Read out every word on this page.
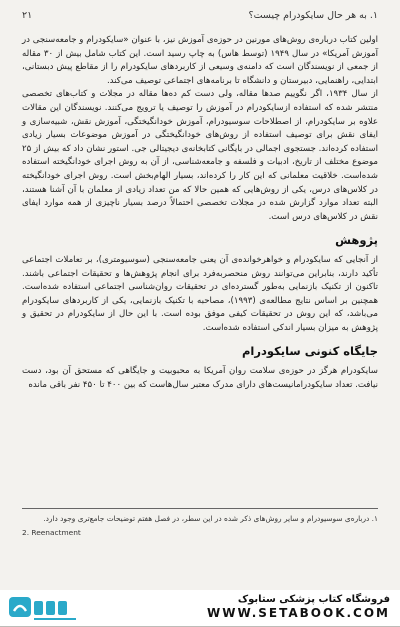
۱. به هر حال سایکودرام چیست؟
۲۱

اولین کتاب درباره‌ی روش‌های مورنین در حوزه‌ی آموزش نیز، با عنوان «سایکودرام و جامعه‌سنجی در آموزش آمریکا» در سال ۱۹۴۹ (توسط هاس) به چاپ رسید است. این کتاب شامل بیش از ۳۰ مقاله از جمعی از نویسندگان است که دامنه‌ی وسیعی از کاربردهای سایکودرام را از مقاطع پیش دبستانی، ابتدایی، راهنمایی، دبیرستان و دانشگاه تا برنامه‌های اجتماعی توصیف می‌کند.

از سال ۱۹۳۴، اگر نگوییم صدها مقاله، ولی دست کم ده‌ها مقاله در مجلات و کتاب‌های تخصصی منتشر شده که استفاده ازسایکودرام در آموزش را توصیف یا ترویج می‌کنند. نویسندگان این مقالات علاوه بر سایکودرام، از اصطلاحات سوسیودرام، آموزش خودانگیختگی، آموزش نقش، شبیه‌سازی و ایفای نقش برای توصیف استفاده از روش‌های خودانگیختگی در آموزش موضوعات بسیار زیادی استفاده کرده‌اند. جستجوی اجمالی در بایگانی کتابخانه‌ی دیجیتالی جی. استور نشان داد که بیش از ۲۵ موضوع مختلف از تاریخ، ادبیات و فلسفه و جامعه‌شناسی، از آن به روش اجرای خودانگیخته استفاده شده‌است. خلاقیت معلمانی که این کار را کرده‌اند، بسیار الهام‌بخش است. روش اجرای خودانگیخته در کلاس‌های درس، یکی از روش‌هایی که همین حالا که من تعداد زیادی از معلمان با آن آشنا هستند، البته تعداد موارد گزارش شده در مجلات تخصصی احتمالاً درصد بسیار ناچیزی از همه موارد ایفای نقش در کلاس‌های درس است.

پژوهش

از آنجایی که سایکودرام و خواهرخوانده‌ی آن یعنی جامعه‌سنجی (سوسیومتری)، بر تعاملات اجتماعی تأکید دارند، بنابراین می‌توانند روش منحصربه‌فرد برای انجام پژوهش‌ها و تحقیقات اجتماعی باشند. تاکنون از تکنیک بازنمایی به‌طور گسترده‌ای در تحقیقات روان‌شناسی اجتماعی استفاده شده‌است. همچنین بر اساس نتایج مطالعه‌ی (۱۹۹۳)، مصاحبه با تکنیک بازنمایی، یکی از کاربردهای سایکودرام می‌باشد، که این روش در تحقیقات کیفی موفق بوده است. با این حال از سایکودرام در تحقیق و پژوهش به میزان بسیار اندکی استفاده شده‌است.

جایگاه کنونی سایکودرام

سایکودرام هرگز در حوزه‌ی سلامت روان آمریکا به محبوبیت و جایگاهی که مستحق آن بود، دست نیافت. تعداد سایکودرامانیست‌های دارای مدرک معتبر سال‌هاست که بین ۴۰۰ تا ۴۵۰ نفر باقی مانده

۱. درباره‌ی سوسیودرام و سایر روش‌های ذکر شده در این سطر، در فصل هفتم توضیحات جامع‌تری وجود دارد.
2. Reenactment
فروشگاه کتاب پزشکی ستابوک
WWW.SETABOOK.COM
